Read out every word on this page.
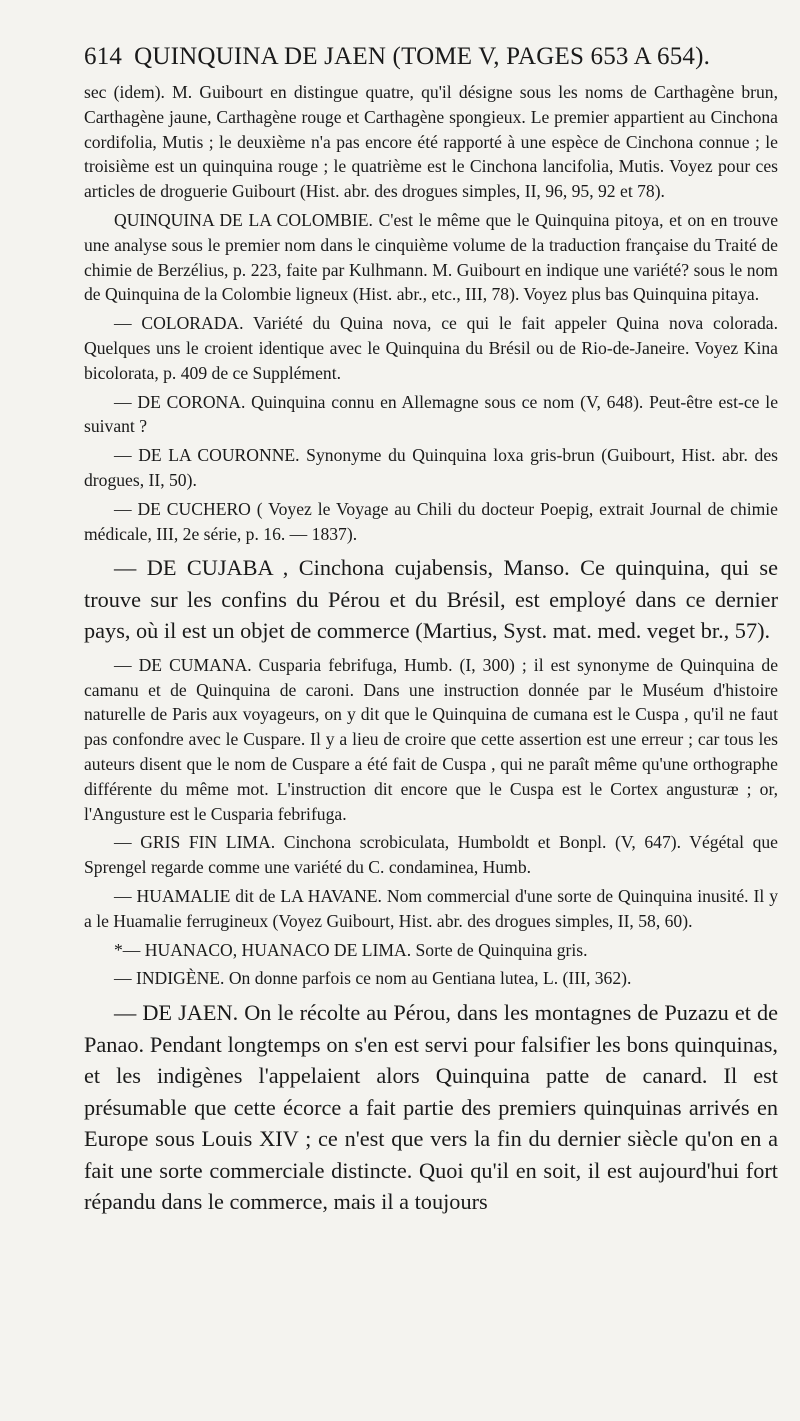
614 QUINQUINA DE JAEN (TOME V, PAGES 653 A 654).

sec (idem). M. Guibourt en distingue quatre, qu'il désigne sous les noms de Carthagène brun, Carthagène jaune, Carthagène rouge et Carthagène spongieux. Le premier appartient au Cinchona cordifolia, Mutis ; le deuxième n'a pas encore été rapporté à une espèce de Cinchona connue ; le troisième est un quinquina rouge ; le quatrième est le Cinchona lancifolia, Mutis. Voyez pour ces articles de droguerie Guibourt (Hist. abr. des drogues simples, II, 96, 95, 92 et 78).

QUINQUINA DE LA COLOMBIE. C'est le même que le Quinquina pitoya, et on en trouve une analyse sous le premier nom dans le cinquième volume de la traduction française du Traité de chimie de Berzélius, p. 223, faite par Kulhmann. M. Guibourt en indique une variété? sous le nom de Quinquina de la Colombie ligneux (Hist. abr., etc., III, 78). Voyez plus bas Quinquina pitaya.

— COLORADA. Variété du Quina nova, ce qui le fait appeler Quina nova colorada. Quelques uns le croient identique avec le Quinquina du Brésil ou de Rio-de-Janeire. Voyez Kina bicolorata, p. 409 de ce Supplément.

— DE CORONA. Quinquina connu en Allemagne sous ce nom (V, 648). Peut-être est-ce le suivant ?

— DE LA COURONNE. Synonyme du Quinquina loxa gris-brun (Guibourt, Hist. abr. des drogues, II, 50).

— DE CUCHERO ( Voyez le Voyage au Chili du docteur Poepig, extrait Journal de chimie médicale, III, 2e série, p. 16. — 1837).

— DE CUJABA , Cinchona cujabensis, Manso. Ce quinquina, qui se trouve sur les confins du Pérou et du Brésil, est employé dans ce dernier pays, où il est un objet de commerce (Martius, Syst. mat. med. veget br., 57).

— DE CUMANA. Cusparia febrifuga, Humb. (I, 300) ; il est synonyme de Quinquina de camanu et de Quinquina de caroni. Dans une instruction donnée par le Muséum d'histoire naturelle de Paris aux voyageurs, on y dit que le Quinquina de cumana est le Cuspa , qu'il ne faut pas confondre avec le Cuspare. Il y a lieu de croire que cette assertion est une erreur ; car tous les auteurs disent que le nom de Cuspare a été fait de Cuspa , qui ne paraît même qu'une orthographe différente du même mot. L'instruction dit encore que le Cuspa est le Cortex angusturæ ; or, l'Angusture est le Cusparia febrifuga.

— GRIS FIN LIMA. Cinchona scrobiculata, Humboldt et Bonpl. (V, 647). Végétal que Sprengel regarde comme une variété du C. condaminea, Humb.

— HUAMALIE dit de LA HAVANE. Nom commercial d'une sorte de Quinquina inusité. Il y a le Huamalie ferrugineux (Voyez Guibourt, Hist. abr. des drogues simples, II, 58, 60).

*— HUANACO, HUANACO DE LIMA. Sorte de Quinquina gris.

— INDIGÈNE. On donne parfois ce nom au Gentiana lutea, L. (III, 362).

— DE JAEN. On le récolte au Pérou, dans les montagnes de Puzazu et de Panao. Pendant longtemps on s'en est servi pour falsifier les bons quinquinas, et les indigènes l'appelaient alors Quinquina patte de canard. Il est présumable que cette écorce a fait partie des premiers quinquinas arrivés en Europe sous Louis XIV ; ce n'est que vers la fin du dernier siècle qu'on en a fait une sorte commerciale distincte. Quoi qu'il en soit, il est aujourd'hui fort répandu dans le commerce, mais il a toujours
